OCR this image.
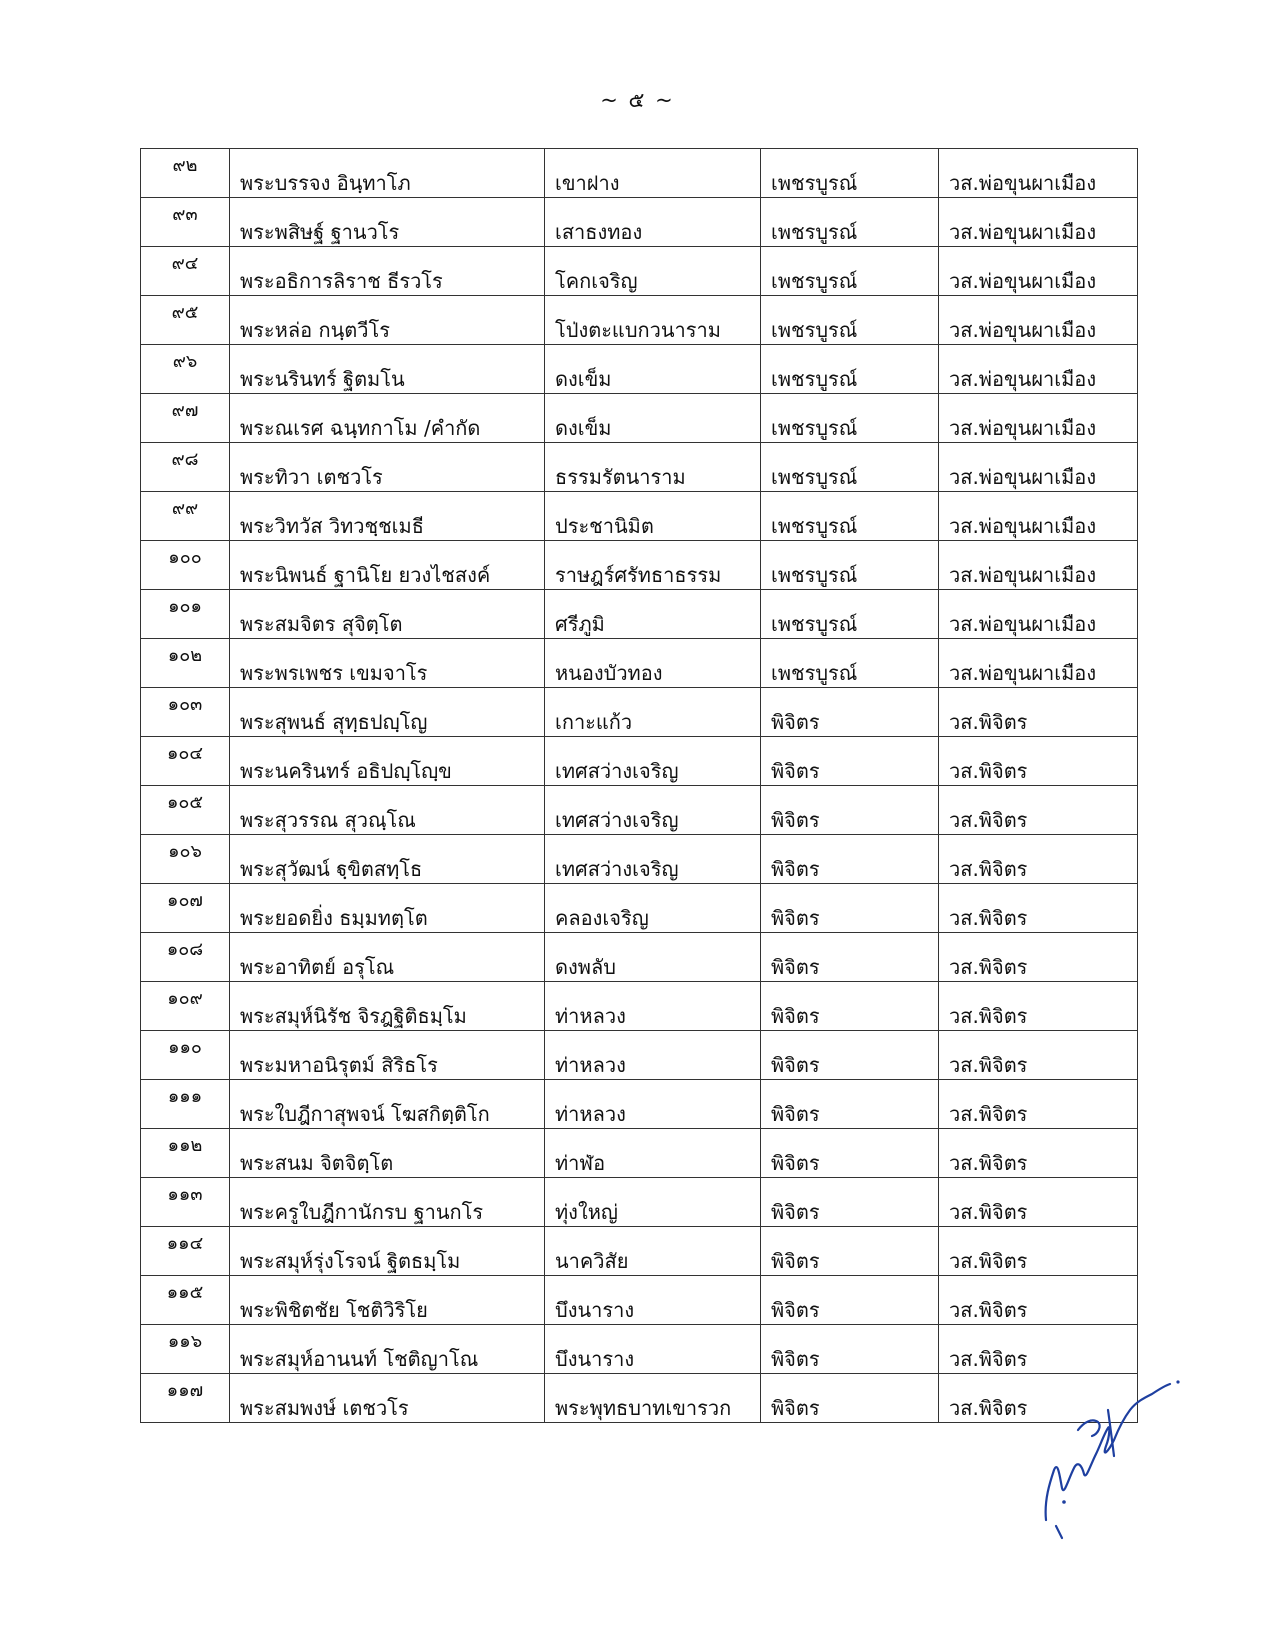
~ ๕ ~
๙๒	พระบรรจง อินฺทาโภ	เขาฝาง	เพชรบูรณ์	วส.พ่อขุนผาเมือง
๙๓	พระพสิษฐ์ ฐานวโร	เสาธงทอง	เพชรบูรณ์	วส.พ่อขุนผาเมือง
๙๔	พระอธิการลิราช ธีรวโร	โคกเจริญ	เพชรบูรณ์	วส.พ่อขุนผาเมือง
๙๕	พระหล่อ กนฺตวีโร	โป่งตะแบกวนาราม	เพชรบูรณ์	วส.พ่อขุนผาเมือง
๙๖	พระนรินทร์ ฐิตมโน	ดงเข็ม	เพชรบูรณ์	วส.พ่อขุนผาเมือง
๙๗	พระณเรศ ฉนฺทกาโม /คำกัด	ดงเข็ม	เพชรบูรณ์	วส.พ่อขุนผาเมือง
๙๘	พระทิวา เตชวโร	ธรรมรัตนาราม	เพชรบูรณ์	วส.พ่อขุนผาเมือง
๙๙	พระวิทวัส วิทวชฺชเมธี	ประชานิมิต	เพชรบูรณ์	วส.พ่อขุนผาเมือง
๑๐๐	พระนิพนธ์ ฐานิโย ยวงไชสงค์	ราษฎร์ศรัทธาธรรม	เพชรบูรณ์	วส.พ่อขุนผาเมือง
๑๐๑	พระสมจิตร สุจิตฺโต	ศรีภูมิ	เพชรบูรณ์	วส.พ่อขุนผาเมือง
๑๐๒	พระพรเพชร เขมจาโร	หนองบัวทอง	เพชรบูรณ์	วส.พ่อขุนผาเมือง
๑๐๓	พระสุพนธ์ สุทฺธปญฺโญ	เกาะแก้ว	พิจิตร	วส.พิจิตร
๑๐๔	พระนครินทร์ อธิปญฺโญฺข	เทศสว่างเจริญ	พิจิตร	วส.พิจิตร
๑๐๕	พระสุวรรณ สุวณฺโณ	เทศสว่างเจริญ	พิจิตร	วส.พิจิตร
๑๐๖	พระสุวัฒน์ ฐฺขิตสทฺโธ	เทศสว่างเจริญ	พิจิตร	วส.พิจิตร
๑๐๗	พระยอดยิ่ง ธมฺมทตฺโต	คลองเจริญ	พิจิตร	วส.พิจิตร
๑๐๘	พระอาทิตย์ อรุโณ	ดงพลับ	พิจิตร	วส.พิจิตร
๑๐๙	พระสมุห์นิรัช จิรฎฐิติธมฺโม	ท่าหลวง	พิจิตร	วส.พิจิตร
๑๑๐	พระมหาอนิรุตม์ สิริธโร	ท่าหลวง	พิจิตร	วส.พิจิตร
๑๑๑	พระใบฎีกาสุพจน์ โฆสกิตฺติโก	ท่าหลวง	พิจิตร	วส.พิจิตร
๑๑๒	พระสนม จิตจิตฺโต	ท่าฬ่อ	พิจิตร	วส.พิจิตร
๑๑๓	พระครูใบฎีกานักรบ ฐานกโร	ทุ่งใหญ่	พิจิตร	วส.พิจิตร
๑๑๔	พระสมุห์รุ่งโรจน์ ฐิตธมฺโม	นาควิสัย	พิจิตร	วส.พิจิตร
๑๑๕	พระพิชิตชัย โชติวิริโย	บึงนาราง	พิจิตร	วส.พิจิตร
๑๑๖	พระสมุห์อานนท์ โชติญาโณ	บึงนาราง	พิจิตร	วส.พิจิตร
๑๑๗	พระสมพงษ์ เตชวโร	พระพุทธบาทเขารวก	พิจิตร	วส.พิจิตร
